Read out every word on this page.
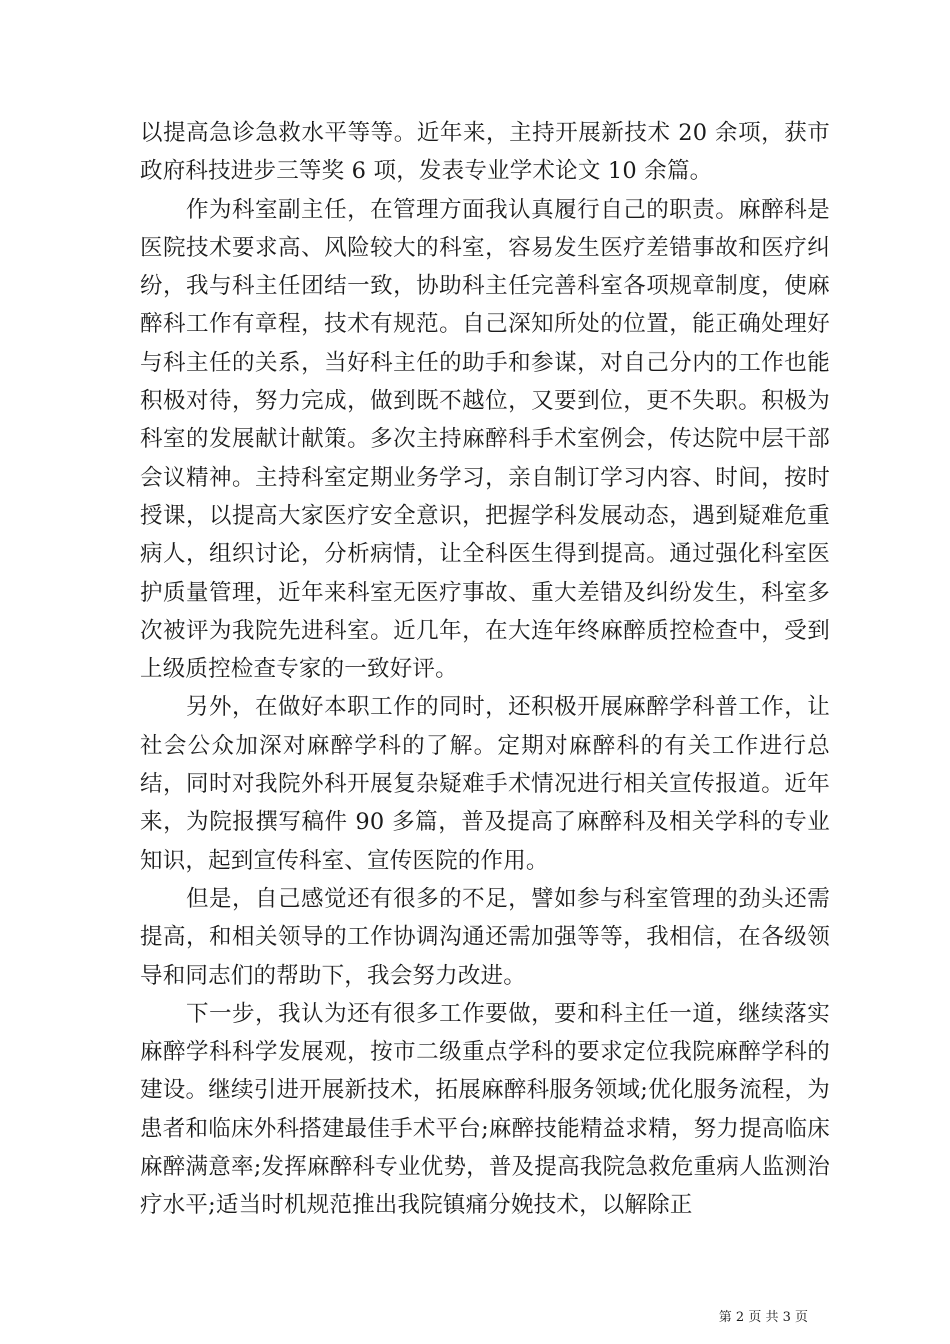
以提高急诊急救水平等等。近年来，主持开展新技术 20 余项，获市政府科技进步三等奖 6 项，发表专业学术论文 10 余篇。

作为科室副主任，在管理方面我认真履行自己的职责。麻醉科是医院技术要求高、风险较大的科室，容易发生医疗差错事故和医疗纠纷，我与科主任团结一致，协助科主任完善科室各项规章制度，使麻醉科工作有章程，技术有规范。自己深知所处的位置，能正确处理好与科主任的关系，当好科主任的助手和参谋，对自己分内的工作也能积极对待，努力完成，做到既不越位，又要到位，更不失职。积极为科室的发展献计献策。多次主持麻醉科手术室例会，传达院中层干部会议精神。主持科室定期业务学习，亲自制订学习内容、时间，按时授课，以提高大家医疗安全意识，把握学科发展动态，遇到疑难危重病人，组织讨论，分析病情，让全科医生得到提高。通过强化科室医护质量管理，近年来科室无医疗事故、重大差错及纠纷发生，科室多次被评为我院先进科室。近几年，在大连年终麻醉质控检查中，受到上级质控检查专家的一致好评。

另外，在做好本职工作的同时，还积极开展麻醉学科普工作，让社会公众加深对麻醉学科的了解。定期对麻醉科的有关工作进行总结，同时对我院外科开展复杂疑难手术情况进行相关宣传报道。近年来，为院报撰写稿件 90 多篇，普及提高了麻醉科及相关学科的专业知识，起到宣传科室、宣传医院的作用。

但是，自己感觉还有很多的不足，譬如参与科室管理的劲头还需提高，和相关领导的工作协调沟通还需加强等等，我相信，在各级领导和同志们的帮助下，我会努力改进。

下一步，我认为还有很多工作要做，要和科主任一道，继续落实麻醉学科科学发展观，按市二级重点学科的要求定位我院麻醉学科的建设。继续引进开展新技术，拓展麻醉科服务领域;优化服务流程，为患者和临床外科搭建最佳手术平台;麻醉技能精益求精，努力提高临床麻醉满意率;发挥麻醉科专业优势，普及提高我院急救危重病人监测治疗水平;适当时机规范推出我院镇痛分娩技术，以解除正

第 2 页 共 3 页
